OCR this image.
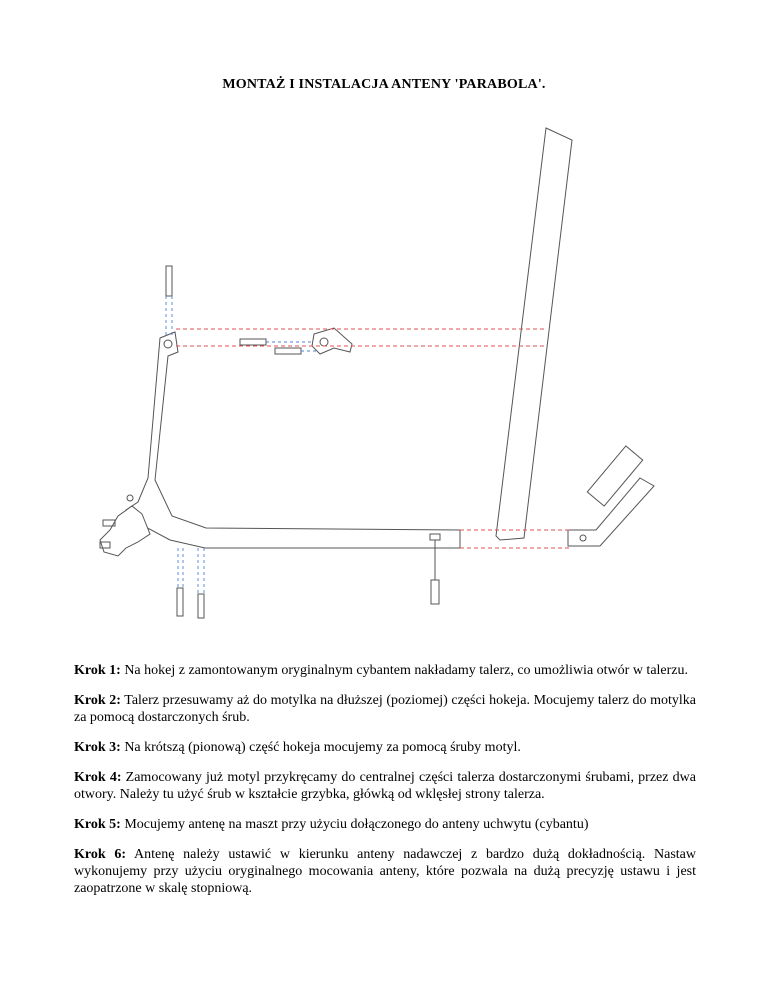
MONTAŻ I INSTALACJA ANTENY 'PARABOLA'.

Krok 1: Na hokej z zamontowanym oryginalnym cybantem nakładamy talerz, co umożliwia otwór w talerzu.

Krok 2: Talerz przesuwamy aż do motylka na dłuższej (poziomej) części hokeja. Mocujemy talerz do motylka za pomocą dostarczonych śrub.

Krok 3: Na krótszą (pionową) część hokeja mocujemy za pomocą śruby motyl.

Krok 4: Zamocowany już motyl przykręcamy do centralnej części talerza dostarczonymi śrubami, przez dwa otwory. Należy tu użyć śrub w kształcie grzybka, główką od wklęsłej strony talerza.

Krok 5: Mocujemy antenę na maszt przy użyciu dołączonego do anteny uchwytu (cybantu)

Krok 6: Antenę należy ustawić w kierunku anteny nadawczej z bardzo dużą dokładnością. Nastaw wykonujemy przy użyciu oryginalnego mocowania anteny, które pozwala na dużą precyzję ustawu i jest zaopatrzone w skalę stopniową.
